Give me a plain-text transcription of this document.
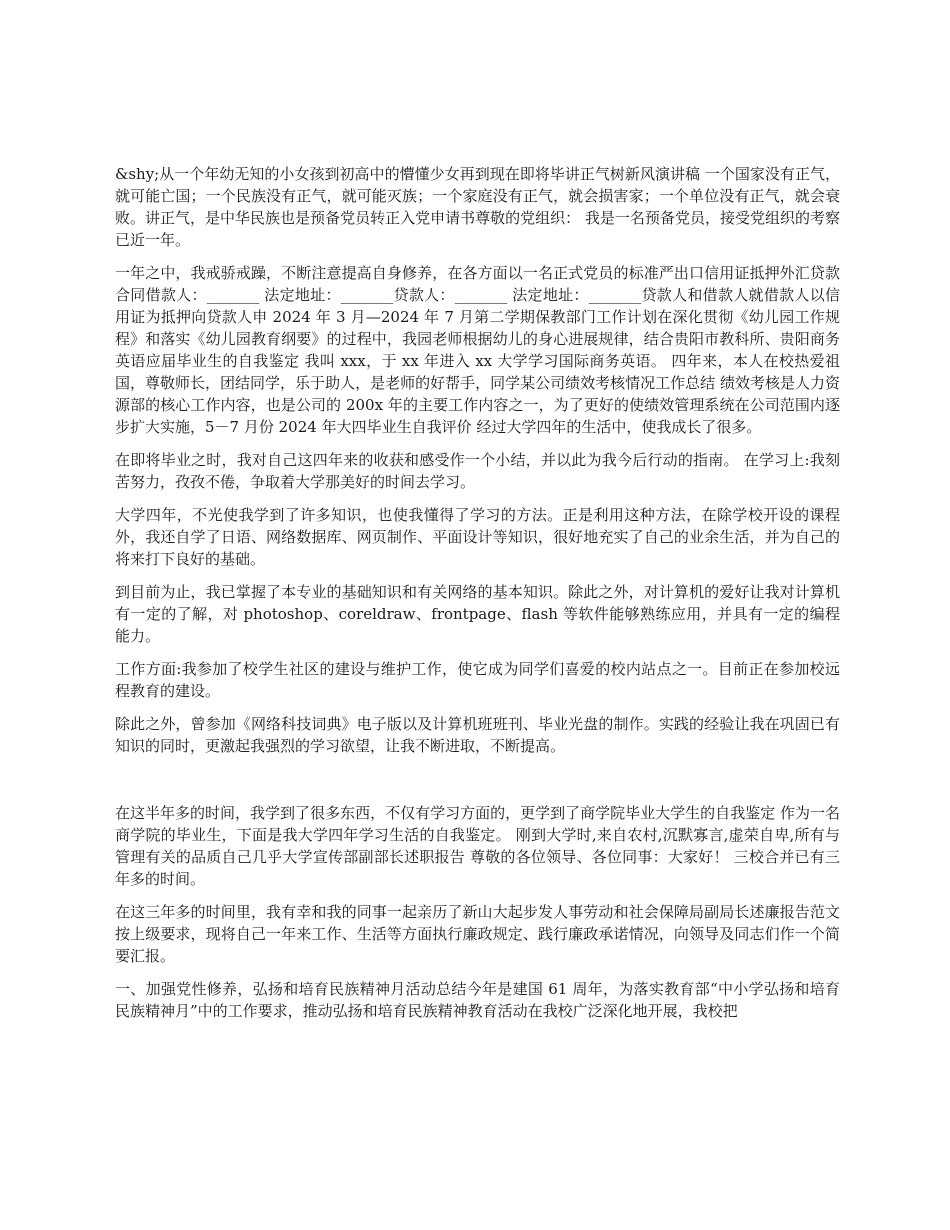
&shy;从一个年幼无知的小女孩到初高中的懵懂少女再到现在即将毕讲正气树新风演讲稿 一个国家没有正气，就可能亡国；一个民族没有正气，就可能灭族；一个家庭没有正气，就会损害家；一个单位没有正气，就会衰败。讲正气，是中华民族也是预备党员转正入党申请书尊敬的党组织： 我是一名预备党员，接受党组织的考察已近一年。

一年之中，我戒骄戒躁，不断注意提高自身修养，在各方面以一名正式党员的标准严出口信用证抵押外汇贷款合同借款人：_______ 法定地址：_______贷款人：_______ 法定地址：_______贷款人和借款人就借款人以信用证为抵押向贷款人申 2024 年 3 月—2024 年 7 月第二学期保教部门工作计划在深化贯彻《幼儿园工作规程》和落实《幼儿园教育纲要》的过程中，我园老师根据幼儿的身心进展规律，结合贵阳市教科所、贵阳商务英语应届毕业生的自我鉴定 我叫 xxx，于 xx 年进入 xx 大学学习国际商务英语。 四年来，本人在校热爱祖国，尊敬师长，团结同学，乐于助人，是老师的好帮手，同学某公司绩效考核情况工作总结 绩效考核是人力资源部的核心工作内容，也是公司的 200x 年的主要工作内容之一，为了更好的使绩效管理系统在公司范围内逐步扩大实施，5－7 月份 2024 年大四毕业生自我评价 经过大学四年的生活中，使我成长了很多。

在即将毕业之时，我对自己这四年来的收获和感受作一个小结，并以此为我今后行动的指南。 在学习上:我刻苦努力，孜孜不倦，争取着大学那美好的时间去学习。

大学四年，不光使我学到了许多知识，也使我懂得了学习的方法。正是利用这种方法，在除学校开设的课程外，我还自学了日语、网络数据库、网页制作、平面设计等知识，很好地充实了自己的业余生活，并为自己的将来打下良好的基础。

到目前为止，我已掌握了本专业的基础知识和有关网络的基本知识。除此之外，对计算机的爱好让我对计算机有一定的了解，对 photoshop、coreldraw、frontpage、flash 等软件能够熟练应用，并具有一定的编程能力。

工作方面:我参加了校学生社区的建设与维护工作，使它成为同学们喜爱的校内站点之一。目前正在参加校远程教育的建设。

除此之外，曾参加《网络科技词典》电子版以及计算机班班刊、毕业光盘的制作。实践的经验让我在巩固已有知识的同时，更激起我强烈的学习欲望，让我不断进取，不断提高。

在这半年多的时间，我学到了很多东西，不仅有学习方面的，更学到了商学院毕业大学生的自我鉴定 作为一名商学院的毕业生，下面是我大学四年学习生活的自我鉴定。 刚到大学时,来自农村,沉默寡言,虚荣自卑,所有与管理有关的品质自己几乎大学宣传部副部长述职报告 尊敬的各位领导、各位同事：大家好！ 三校合并已有三年多的时间。

在这三年多的时间里，我有幸和我的同事一起亲历了新山大起步发人事劳动和社会保障局副局长述廉报告范文按上级要求，现将自己一年来工作、生活等方面执行廉政规定、践行廉政承诺情况，向领导及同志们作一个简要汇报。

一、加强党性修养，弘扬和培育民族精神月活动总结今年是建国 61 周年，为落实教育部“中小学弘扬和培育民族精神月”中的工作要求，推动弘扬和培育民族精神教育活动在我校广泛深化地开展，我校把
